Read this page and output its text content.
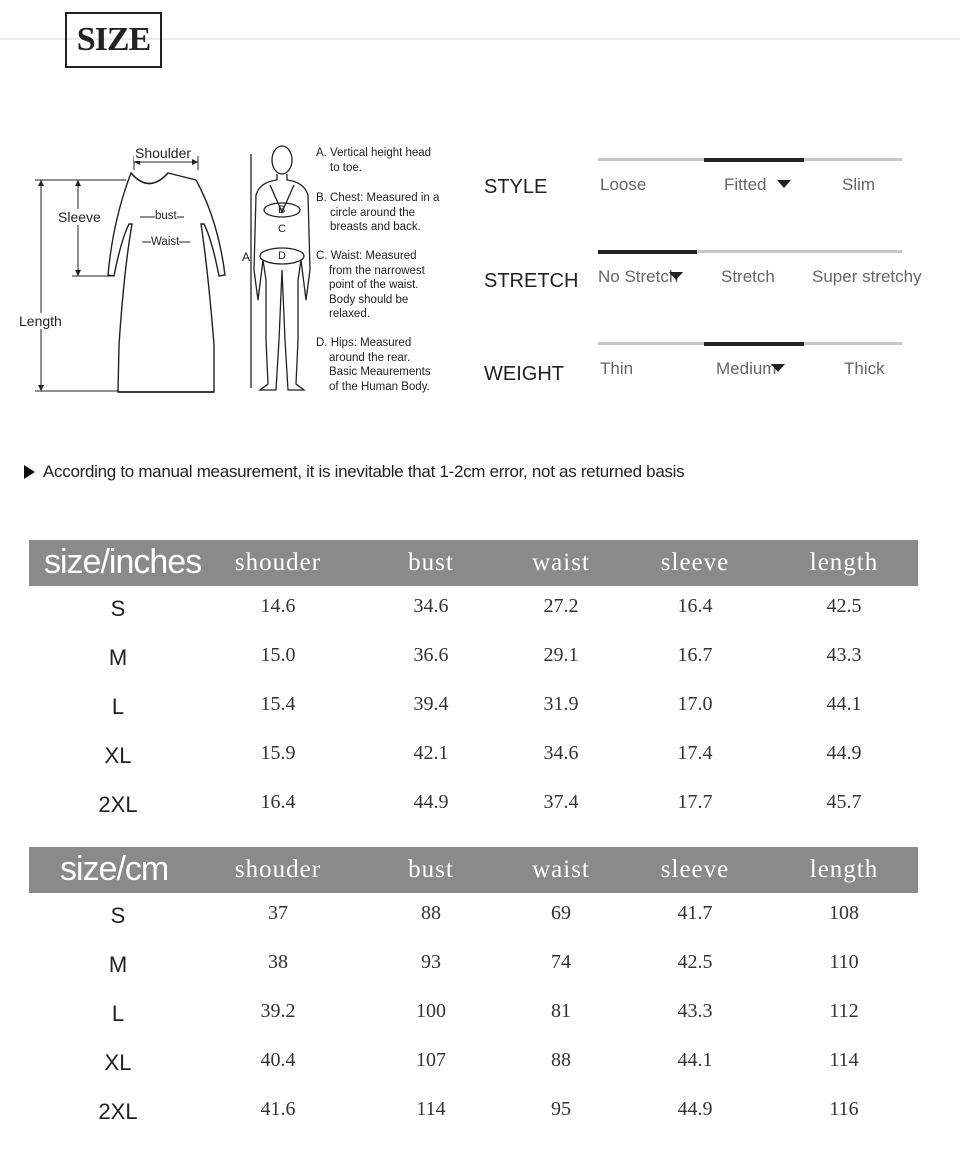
SIZE
Shoulder
Sleeve
Length
bust
Waist
B
C
D
A
A. Vertical height head
to toe.
B. Chest: Measured in a
circle around the
breasts and back.
C. Waist: Measured
from the narrowest
point of the waist.
Body should be
relaxed.
D. Hips: Measured
around the rear.
Basic Meaurements
of the Human Body.
According to manual measurement, it is inevitable that 1-2cm error, not as returned basis
size/inches	shouder	bust	waist	sleeve	length
S	14.6	34.6	27.2	16.4	42.5
M	15.0	36.6	29.1	16.7	43.3
L	15.4	39.4	31.9	17.0	44.1
XL	15.9	42.1	34.6	17.4	44.9
2XL	16.4	44.9	37.4	17.7	45.7
size/cm	shouder	bust	waist	sleeve	length
S	37	88	69	41.7	108
M	38	93	74	42.5	110
L	39.2	100	81	43.3	112
XL	40.4	107	88	44.1	114
2XL	41.6	114	95	44.9	116
STYLE	Loose	Fitted	Slim
STRETCH No Stretch	Stretch Super stretchy
WEIGHT Thin	Medium	Thick
